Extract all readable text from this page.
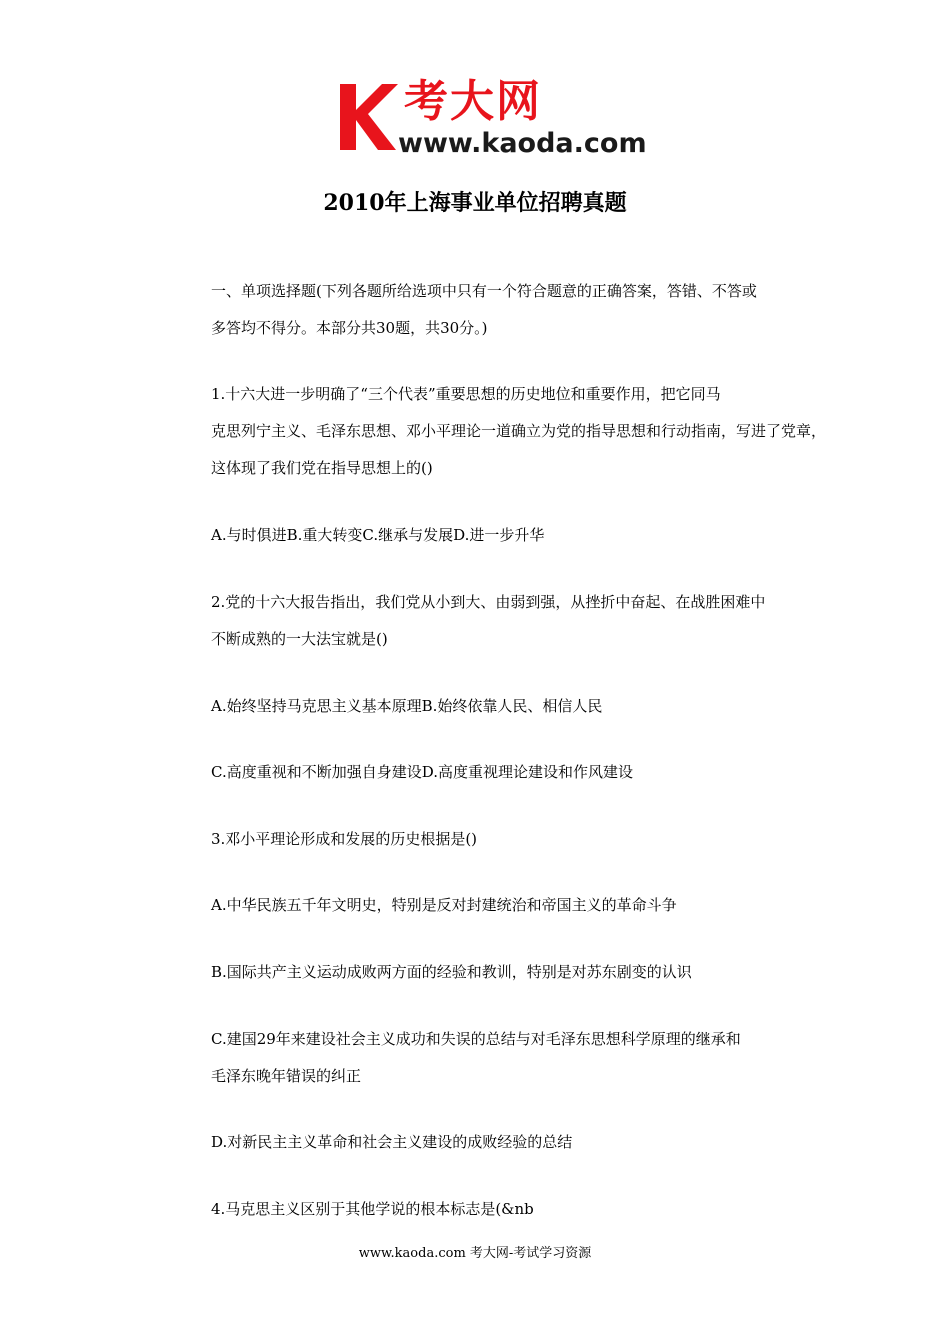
考大网
www.kaoda.com
2010年上海事业单位招聘真题

一、单项选择题(下列各题所给选项中只有一个符合题意的正确答案，答错、不答或
多答均不得分。本部分共30题，共30分。)

1.十六大进一步明确了“三个代表”重要思想的历史地位和重要作用，把它同马
克思列宁主义、毛泽东思想、邓小平理论一道确立为党的指导思想和行动指南，写进了党章，
这体现了我们党在指导思想上的()

A.与时俱进B.重大转变C.继承与发展D.进一步升华

2.党的十六大报告指出，我们党从小到大、由弱到强，从挫折中奋起、在战胜困难中
不断成熟的一大法宝就是()

A.始终坚持马克思主义基本原理B.始终依靠人民、相信人民

C.高度重视和不断加强自身建设D.高度重视理论建设和作风建设

3.邓小平理论形成和发展的历史根据是()

A.中华民族五千年文明史，特别是反对封建统治和帝国主义的革命斗争

B.国际共产主义运动成败两方面的经验和教训，特别是对苏东剧变的认识

C.建国29年来建设社会主义成功和失误的总结与对毛泽东思想科学原理的继承和
毛泽东晚年错误的纠正

D.对新民主主义革命和社会主义建设的成败经验的总结

4.马克思主义区别于其他学说的根本标志是(&nb

www.kaoda.com 考大网-考试学习资源
